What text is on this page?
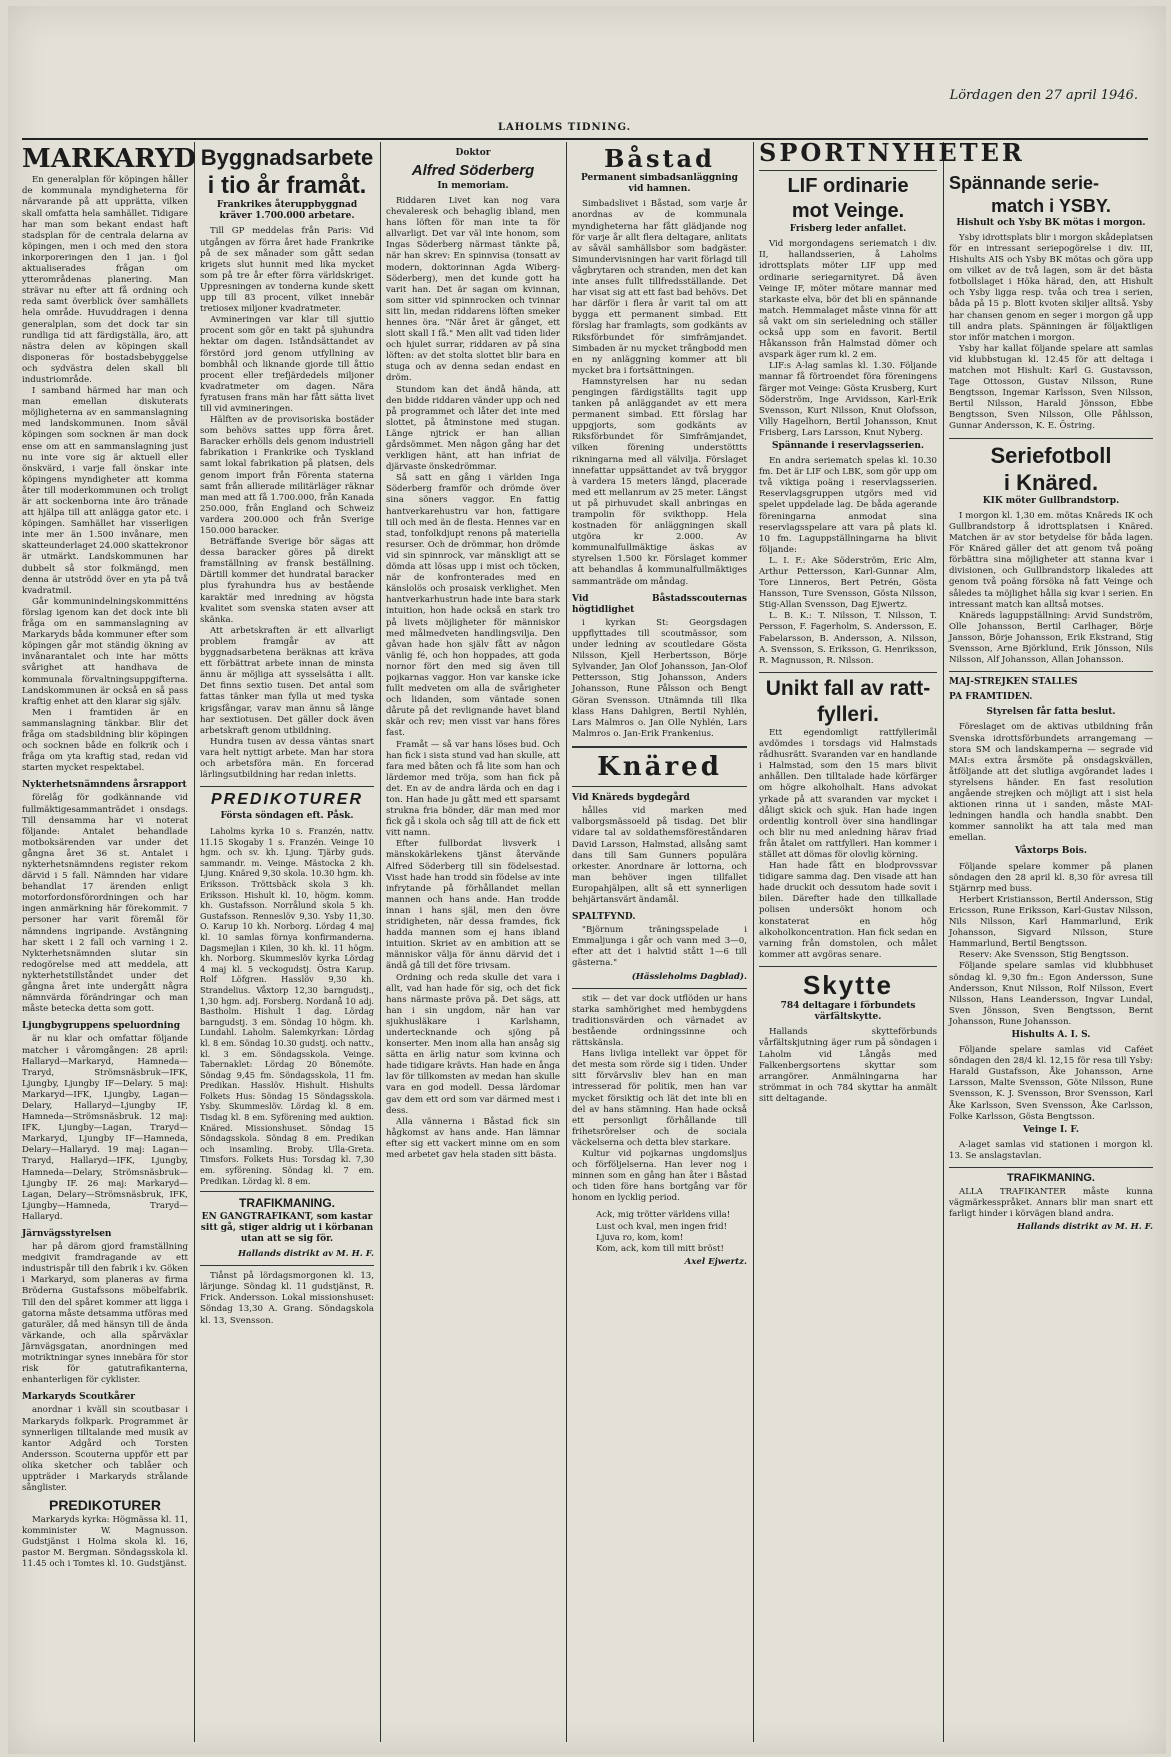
Lördagen den 27 april 1946.
LAHOLMS TIDNING.
MARKARYD

En generalplan för köpingen håller de kommunala myndigheterna för närvarande på att upprätta, vilken skall omfatta hela samhället. Tidigare har man som bekant endast haft stadsplan för de centrala delarna av köpingen, men i och med den stora inkorporeringen den 1 jan. i fjol aktualiserades frågan om ytterområdenas planering. Man strävar nu efter att få ordning och reda samt överblick över samhällets hela område. Huvuddragen i denna generalplan, som det dock tar sin rundliga tid att färdigställa, äro, att nästra delen av köpingen skall disponeras för bostadsbebyggelse och sydvästra delen skall bli industriområde.

I samband härmed har man och man emellan diskuterats möjligheterna av en sammanslagning med landskommunen. Inom såväl köpingen som socknen är man dock ense om att en sammanslagning just nu inte vore sig är aktuell eller önskvärd, i varje fall önskar inte köpingens myndigheter att komma åter till moderkommunen och troligt är att sockenborna inte äro tränade att hjälpa till att anlägga gator etc. i köpingen. Samhället har visserligen inte mer än 1.500 invånare, men skatteunderlaget 24.000 skattekronor är utmärkt. Landskommunen har dubbelt så stor folkmängd, men denna är utströdd över en yta på två kvadratmil.

Går kommunindelningskommitténs förslag igenom kan det dock inte bli fråga om en sammanslagning av Markaryds båda kommuner efter som köpingen går mot ständig ökning av invånarantalet och inte har mötts svårighet att handhava de kommunala förvaltningsuppgifterna. Landskommunen är också en så pass kraftig enhet att den klarar sig själv.

Men i framtiden är en sammanslagning tänkbar. Blir det fråga om stadsbildning blir köpingen och socknen både en folkrik och i fråga om yta kraftig stad, redan vid starten mycket respektabel.

Nykterhetsnämndens årsrapport

förelåg för godkännande vid fullmäktigesammanträdet i onsdags. Till densamma har vi noterat följande: Antalet behandlade motboksärenden var under det gångna året 36 st. Antalet i nykterhetsnämndens register rekom därvid i 5 fall. Nämnden har vidare behandlat 17 ärenden enligt motorfordonsförordningen och har ingen anmärkning här förekommit. 7 personer har varit föremål för nämndens ingripande. Avstängning har skett i 2 fall och varning i 2. Nykterhetsnämnden slutar sin redogörelse med att meddela, att nykterhetstillståndet under det gångna året inte undergått några nämnvärda förändringar och man måste betecka detta som gott.

Ljungbygruppens speluordning

är nu klar och omfattar följande matcher i våromgången: 28 april: Hallaryd—Markaryd, Hamneda—Traryd, Strömsnäsbruk—IFK, Ljungby, Ljungby IF—Delary. 5 maj: Markaryd—IFK, Ljungby, Lagan—Delary, Hallaryd—Ljungby IF, Hamneda—Strömsnäsbruk. 12 maj: IFK, Ljungby—Lagan, Traryd—Markaryd, Ljungby IF—Hamneda, Delary—Hallaryd. 19 maj: Lagan—Traryd, Hallaryd—IFK, Ljungby, Hamneda—Delary, Strömsnäsbruk—Ljungby IF. 26 maj: Markaryd—Lagan, Delary—Strömsnäsbruk, IFK, Ljungby—Hamneda, Traryd—Hallaryd.

Järnvägsstyrelsen

har på därom gjord framställning medgivit framdragande av ett industrispår till den fabrik i kv. Göken i Markaryd, som planeras av firma Bröderna Gustafssons möbelfabrik. Till den del spåret kommer att ligga i gatorna måste detsamma utföras med gaturäler, då med hänsyn till de ända värkande, och alla spårväxlar Järnvägsgatan, anordningen med motriktningar synes innebära för stor risk för gatutrafikanterna, enhanterligen för cyklister.

Markaryds Scoutkårer

anordnar i kväll sin scoutbasar i Markaryds folkpark. Programmet är synnerligen tilltalande med musik av kantor Adgård och Torsten Andersson. Scouterna uppför ett par olika sketcher och tablåer och uppträder i Markaryds strålande sånglister.

PREDIKOTURER

Markaryds kyrka: Högmässa kl. 11, komminister W. Magnusson. Gudstjänst i Holma skola kl. 16, pastor M. Bergman. Söndagsskola kl. 11.45 och i Tomtes kl. 10. Gudstjänst.

Byggnadsarbete
i tio år framåt.
Frankrikes återuppbyggnad kräver 1.700.000 arbetare.

Till GP meddelas från Paris: Vid utgången av förra året hade Frankrike på de sex månader som gått sedan krigets slut hunnit med lika mycket som på tre år efter förra världskriget. Uppresningen av tonderna kunde skett upp till 83 procent, vilket innebär tretiosex miljoner kvadratmeter.

Avmineringen var klar till sjuttio procent som gör en takt på sjuhundra hektar om dagen. Iståndsättandet av förstörd jord genom utfyllning av bombhål och liknande gjorde till åttio procent eller trefjärdedels miljoner kvadratmeter om dagen. Nära fyratusen frans män har fått sätta livet till vid avmineringen.

Hälften av de provisoriska bostäder som behövs sattes upp förra året. Baracker erhölls dels genom industriell fabrikation i Frankrike och Tyskland samt lokal fabrikation på platsen, dels genom import från Förenta staterna samt från allierade militärläger räknar man med att få 1.700.000, från Kanada 250.000, från England och Schweiz vardera 200.000 och från Sverige 150.000 baracker.

Beträffande Sverige bör sägas att dessa baracker göres på direkt framställning av fransk beställning. Därtill kommer det hundratal baracker plus fyrahundra hus av bestående karaktär med inredning av högsta kvalitet som svenska staten avser att skänka.

Att arbetskraften är ett allvarligt problem framgår av att byggnadsarbetena beräknas att kräva ett förbättrat arbete innan de minsta ännu är möjliga att sysselsätta i allt. Det finns sextio tusen. Det antal som fattas tänker man fylla ut med tyska krigsfångar, varav man ännu så länge har sextiotusen. Det gäller dock även arbetskraft genom utbildning.

Hundra tusen av dessa väntas snart vara helt nyttigt arbete. Man har stora och arbetsföra män. En forcerad lärlingsutbildning har redan inletts.

PREDIKOTURER
Första söndagen eft. Påsk.

Laholms kyrka 10 s. Franzén, nattv. 11.15 Skogaby 1 s. Franzén. Veinge 10 hgm. och sv. kh. Ljung. Tjärby guds. sammandr. m. Veinge. Mästocka 2 kh. Ljung. Knäred 9,30 skola. 10.30 hgm. kh. Eriksson. Tröttsbäck skola 3 kh. Eriksson. Hishult kl. 10, högm. komm. kh. Gustafsson. Norrålund skola 5 kh. Gustafsson. Renneslöv 9,30. Ysby 11,30. O. Karup 10 kh. Norborg. Lördag 4 maj kl. 10 samlas förnya konfirmanderna. Dagsmejlan i Kilen, 30 kh. kl. 11 högm. kh. Norborg. Skummeslöv kyrka Lördag 4 maj kl. 5 veckogudstj. Östra Karup. Rolf Löfgren. Hasslöv 9,30 kh. Strandelius. Våxtorp 12,30 barngudstj., 1,30 hgm. adj. Forsberg. Nordanå 10 adj. Bastholm. Hishult 1 dag. Lördag barngudstj. 3 em. Söndag 10 högm. kh. Lundahl. Laholm. Salemkyrkan: Lördag kl. 8 em. Söndag 10.30 gudstj. och nattv., kl. 3 em. Söndagsskola. Veinge. Tabernaklet: Lördag 20 Bönemöte. Söndag 9,45 fm. Söndagsskola, 11 fm. Predikan. Hasslöv. Hishult. Hishults Folkets Hus: Söndag 15 Söndagsskola. Ysby. Skummeslöv. Lördag kl. 8 em. Tisdag kl. 8 em. Syförening med auktion. Knäred. Missionshuset. Söndag 15 Söndagsskola. Söndag 8 em. Predikan och insamling. Broby. Ulla-Greta. Timsfors. Folkets Hus: Torsdag kl. 7,30 em. syförening. Söndag kl. 7 em. Predikan. Lördag kl. 8 em.

TRAFIKMANING.
EN GANGTRAFIKANT, som kastar sitt gå, stiger aldrig ut i körbanan utan att se sig för.
Hallands distrikt av M. H. F.

Tiånst på lördagsmorgonen kl. 13, lärjunge. Söndag kl. 11 gudstjänst, R. Frick. Andersson. Lokal missionshuset: Söndag 13,30 A. Grang. Söndagskola kl. 13, Svensson.

Doktor
Alfred Söderberg
In memoriam.

Riddaren Livet kan nog vara chevaleresk och behaglig ibland, men hans löften för man inte ta för allvarligt. Det var väl inte honom, som Ingas Söderberg närmast tänkte på, när han skrev: En spinnvisa (tonsatt av modern, doktorinnan Agda Wiberg-Söderberg), men det kunde gott ha varit han. Det är sagan om kvinnan, som sitter vid spinnrocken och tvinnar sitt lin, medan riddarens löften smeker hennes öra. "När året är gånget, ett slott skall I få." Men allt vad tiden lider och hjulet surrar, riddaren av på sina löften: av det stolta slottet blir bara en stuga och av denna sedan endast en dröm.

Stundom kan det ändå hända, att den bidde riddaren vänder upp och ned på programmet och låter det inte med slottet, på åtminstone med stugan. Länge njtrick er han allian gårdsömmet. Men någon gång har det verkligen hänt, att han infriat de djärvaste önskedrömmar.

Så satt en gång i världen Inga Söderberg framför och drömde över sina söners vaggor. En fattig hantverkarehustru var hon, fattigare till och med än de flesta. Hennes var en stad, tonfolkdjupt renons på materiella resurser. Och de drömmar, hon drömde vid sin spinnrock, var mänskligt att se dömda att lösas upp i mist och töcken, när de konfronterades med en känslolös och prosaisk verklighet. Men hantverkarhustrun hade inte bara stark intuition, hon hade också en stark tro på livets möjligheter för människor med målmedveten handlingsvilja. Den gåvan hade hon själv fått av någon vänlig fé, och hon hoppades, att goda nornor fört den med sig även till pojkarnas vaggor. Hon var kanske icke fullt medveten om alla de svårigheter och lidanden, som väntade sonen dårute på det revlignande havet bland skär och rev; men visst var hans föres fast.

Framåt — så var hans löses bud. Och han fick i sista stund vad han skulle, att fara med båten och få lite som han och lärdemor med tröja, som han fick på det. En av de andra lärda och en dag i ton. Han hade ju gått med ett sparsamt strukna fria bönder, där man med mor fick gå i skola och såg till att de fick ett vitt namn.

Efter fullbordat livsverk i mänskokärlekens tjänst återvände Alfred Söderberg till sin födelsestad. Visst hade han trodd sin födelse av inte infrytande på förhållandet mellan mannen och hans ande. Han trodde innan i hans själ, men den övre stridigheten, när dessa framdes, fick hadda mannen som ej hans ibland intuition. Skriet av en ambition att se människor välja för ännu därvid det i ändå gå till det före trivsam.

Ordning och reda skulle det vara i allt, vad han hade för sig, och det fick hans närmaste pröva på. Det sägs, att han i sin ungdom, när han var sjukhusläkare i Karlshamn, undertecknande och sjöng på konserter. Men inom alla han ansåg sig sätta en ärlig natur som kvinna och hade tidigare krävts. Han hade en ånga lav för tillkomsten av medan han skulle vara en god modell. Dessa lärdomar gav dem ett ord som var därmed mest i dess.

Alla vännerna i Båstad fick sin hågkomst av hans ande. Han lämnar efter sig ett vackert minne om en som med arbetet gav hela staden sitt bästa.

Båstad
Permanent simbadsanläggning vid hamnen.

Simbadslivet i Båstad, som varje år anordnas av de kommunala myndigheterna har fått glädjande nog för varje år allt flera deltagare, anlitats av såväl samhällsbor som badgäster. Simundervisningen har varit förlagd till vågbrytaren och stranden, men det kan inte anses fullt tillfredsställande. Det har visat sig att ett fast bad behövs. Det har därför i flera år varit tal om att bygga ett permanent simbad. Ett förslag har framlagts, som godkänts av Riksförbundet för simfrämjandet. Simbaden är nu mycket trångbodd men en ny anläggning kommer att bli mycket bra i fortsättningen.

Hamnstyrelsen har nu sedan pengingen färdigställts tagit upp tanken på anläggandet av ett mera permanent simbad. Ett förslag har uppgjorts, som godkänts av Riksförbundet för Simfrämjandet, vilken förening understöttts rikningarna med all välvilja. Förslaget innefattar uppsättandet av två bryggor à vardera 15 meters längd, placerade med ett mellanrum av 25 meter. Längst ut på pirhuvudet skall anbringas en trampolin för svikthopp. Hela kostnaden för anläggningen skall utgöra kr 2.000. Av kommunalfullmäktige äskas av styrelsen 1.500 kr. Förslaget kommer att behandlas å kommunalfullmäktiges sammanträde om måndag.

Vid Båstadsscouternas högtidlighet

i kyrkan St: Georgsdagen uppflyttades till scoutmässor, som under ledning av scoutledare Gösta Nilsson, Kjell Herbertsson, Börje Sylvander, Jan Olof Johansson, Jan-Olof Pettersson, Stig Johansson, Anders Johansson, Rune Pålsson och Bengt Göran Svensson. Utnämnda till Ilka klass Hans Dahlgren, Bertil Nyhlén, Lars Malmros o. Jan Olle Nyhlén, Lars Malmros o. Jan-Erik Frankenius.

Knäred
Vid Knäreds bygdegård

hålles vid marken med valborgsmässoeld på tisdag. Det blir vidare tal av soldathemsföreståndaren David Larsson, Halmstad, allsång samt dans till Sam Gunners populära orkester. Anordnare är lottorna, och man behöver ingen tillfallet Europahjälpen, allt så ett synnerligen behjärtansvärt ändamål.

SPALTFYND.

"Björnum träningsspelade i Emmaljunga i går och vann med 3—0, efter att det i halvtid stått 1—6 till gästerna."

(Hässleholms Dagblad).

stik — det var dock utflöden ur hans starka samhörighet med hembygdens traditionsvärden och värnadet av bestående ordningssinne och rättskänsla.

Hans livliga intellekt var öppet för det mesta som rörde sig i tiden. Under sitt förvärvsliv blev han en man intresserad för politik, men han var mycket försiktig och lät det inte bli en del av hans stämning. Han hade också ett personligt förhållande till frihetsrörelser och de sociala väckelserna och detta blev starkare.

Kultur vid pojkarnas ungdomsljus och förföljelserna. Han lever nog i minnen som en gång han åter i Båstad och tiden före hans bortgång var för honom en lycklig period.

Ack, mig trötter världens villa!
Lust och kval, men ingen frid!
Ljuva ro, kom, kom!
Kom, ack, kom till mitt bröst!
Axel Ejwertz.
SPORTNYHETER
LIF ordinarie
mot Veinge.
Frisberg leder anfallet.

Vid morgondagens seriematch i div. II, hallandsserien, å Laholms idrottsplats möter LIF upp med ordinarie seriegarnityret. Då även Veinge IF, möter mötare mannar med starkaste elva, bör det bli en spännande match. Hemmalaget måste vinna för att så vakt om sin serieledning och ställer också upp som en favorit. Bertil Håkansson från Halmstad dömer och avspark äger rum kl. 2 em.

LIF:s A-lag samlas kl. 1.30. Följande mannar få förtroendet föra föreningens färger mot Veinge: Gösta Krusberg, Kurt Söderström, Inge Arvidsson, Karl-Erik Svensson, Kurt Nilsson, Knut Olofsson, Villy Hagelhorn, Bertil Johansson, Knut Frisberg, Lars Larsson, Knut Nyberg.

Spännande i reservlagsserien.

En andra seriematch spelas kl. 10.30 fm. Det är LIF och LBK, som gör upp om två viktiga poäng i reservlagsserien. Reservlagsgruppen utgörs med vid spelet uppdelade lag. De båda agerande föreningarna anmodat sina reservlagsspelare att vara på plats kl. 10 fm. Laguppställningarna ha blivit följande:

L. I. F.: Ake Söderström, Eric Alm, Arthur Pettersson, Karl-Gunnar Alm, Tore Linneros, Bert Petrén, Gösta Hansson, Ture Svensson, Gösta Nilsson, Stig-Allan Svensson, Dag Ejwertz.

L. B. K.: T. Nilsson, T. Nilsson, T. Persson, F. Fagerholm, S. Andersson, E. Fabelarsson, B. Andersson, A. Nilsson, A. Svensson, S. Eriksson, G. Henriksson, R. Magnusson, R. Nilsson.

Unikt fall av ratt-
fylleri.

Ett egendomligt rattfyllerimål avdömdes i torsdags vid Halmstads rådhusrätt. Svaranden var en handlande i Halmstad, som den 15 mars blivit anhållen. Den tilltalade hade körfärger om högre alkoholhalt. Hans advokat yrkade på att svaranden var mycket i dåligt skick och sjuk. Han hade ingen ordentlig kontroll över sina handlingar och blir nu med anledning härav friad från åtalet om rattfylleri. Han kommer i stället att dömas för olovlig körning.

Han hade fått en blodprovssvar tidigare samma dag. Den visade att han hade druckit och dessutom hade sovit i bilen. Därefter hade den tillkallade polisen undersökt honom och konstaterat en hög alkoholkoncentration. Han fick sedan en varning från domstolen, och målet kommer att avgöras senare.

Skytte
784 deltagare i förbundets värfältskytte.

Hallands skytteförbunds vårfältskjutning äger rum på söndagen i Laholm vid Långås med Falkenbergsortens skyttar som arrangörer. Anmälningarna har strömmat in och 784 skyttar ha anmält sitt deltagande.

Spännande serie-
match i YSBY.
Hishult och Ysby BK mötas i morgon.

Ysby idrottsplats blir i morgon skådeplatsen för en intressant seriepogörelse i div. III, Hishults AIS och Ysby BK mötas och göra upp om vilket av de två lagen, som är det bästa fotbollslaget i Höka härad, den, att Hishult och Ysby ligga resp. tvåa och trea i serien, båda på 15 p. Blott kvoten skiljer alltså. Ysby har chansen genom en seger i morgon gå upp till andra plats. Spänningen är följaktligen stor inför matchen i morgon.

Ysby har kallat följande spelare att samlas vid klubbstugan kl. 12.45 för att deltaga i matchen mot Hishult: Karl G. Gustavsson, Tage Ottosson, Gustav Nilsson, Rune Bengtsson, Ingemar Karlsson, Sven Nilsson, Bertil Nilsson, Harald Jönsson, Ebbe Bengtsson, Sven Nilsson, Olle Påhlsson, Gunnar Andersson, K. E. Östring.

Seriefotboll
i Knäred.
KIK möter Gullbrandstorp.

I morgon kl. 1,30 em. mötas Knäreds IK och Gullbrandstorp å idrottsplatsen i Knäred. Matchen är av stor betydelse för båda lagen. För Knäred gäller det att genom två poäng förbättra sina möjligheter att stanna kvar i divisionen, och Gullbrandstorp likaledes att genom två poäng försöka nå fatt Veinge och således ta möjlighet hålla sig kvar i serien. En intressant match kan alltså motses.

Knäreds laguppställning: Arvid Sundström, Olle Johansson, Bertil Carlhager, Börje Jansson, Börje Johansson, Erik Ekstrand, Stig Svensson, Arne Björklund, Erik Jönsson, Nils Nilsson, Alf Johansson, Allan Johansson.

MAJ-STREJKEN STALLES
PA FRAMTIDEN.
Styrelsen får fatta beslut.

Föreslaget om de aktivas utbildning från Svenska idrottsförbundets arrangemang — stora SM och landskamperna — segrade vid MAI:s extra årsmöte på onsdagskvällen, åtföljande att det slutliga avgörandet lades i styrelsens händer. En fast resolution angående strejken och möjligt att i sist hela aktionen rinna ut i sanden, måste MAI-ledningen handla och handla snabbt. Den kommer sannolikt ha att tala med man emellan.

Våxtorps Bois.

Följande spelare kommer på planen söndagen den 28 april kl. 8,30 för avresa till Stjärnrp med buss.

Herbert Kristiansson, Bertil Andersson, Stig Ericsson, Rune Eriksson, Karl-Gustav Nilsson, Nils Nilsson, Karl Hammarlund, Erik Johansson, Sigvard Nilsson, Sture Hammarlund, Bertil Bengtsson.

Reserv: Ake Svensson, Stig Bengtsson.

Följande spelare samlas vid klubbhuset söndag kl. 9,30 fm.: Egon Andersson, Sune Andersson, Knut Nilsson, Rolf Nilsson, Evert Nilsson, Hans Leandersson, Ingvar Lundal, Sven Jönsson, Sven Bengtsson, Bernt Johansson, Rune Johansson.

Hishults A. I. S.

Följande spelare samlas vid Caféet söndagen den 28/4 kl. 12,15 för resa till Ysby: Harald Gustafsson, Åke Johansson, Arne Larsson, Malte Svensson, Göte Nilsson, Rune Svensson, K. J. Svensson, Bror Svensson, Karl Åke Karlsson, Sven Svensson, Åke Carlsson, Folke Karlsson, Gösta Bengtsson.

Veinge I. F.

A-laget samlas vid stationen i morgon kl. 13. Se anslagstavlan.

TRAFIKMANING.

ALLA TRAFIKANTER måste kunna vägmärkesspråket. Annars blir man snart ett farligt hinder i körvägen bland andra.

Hallands distrikt av M. H. F.
